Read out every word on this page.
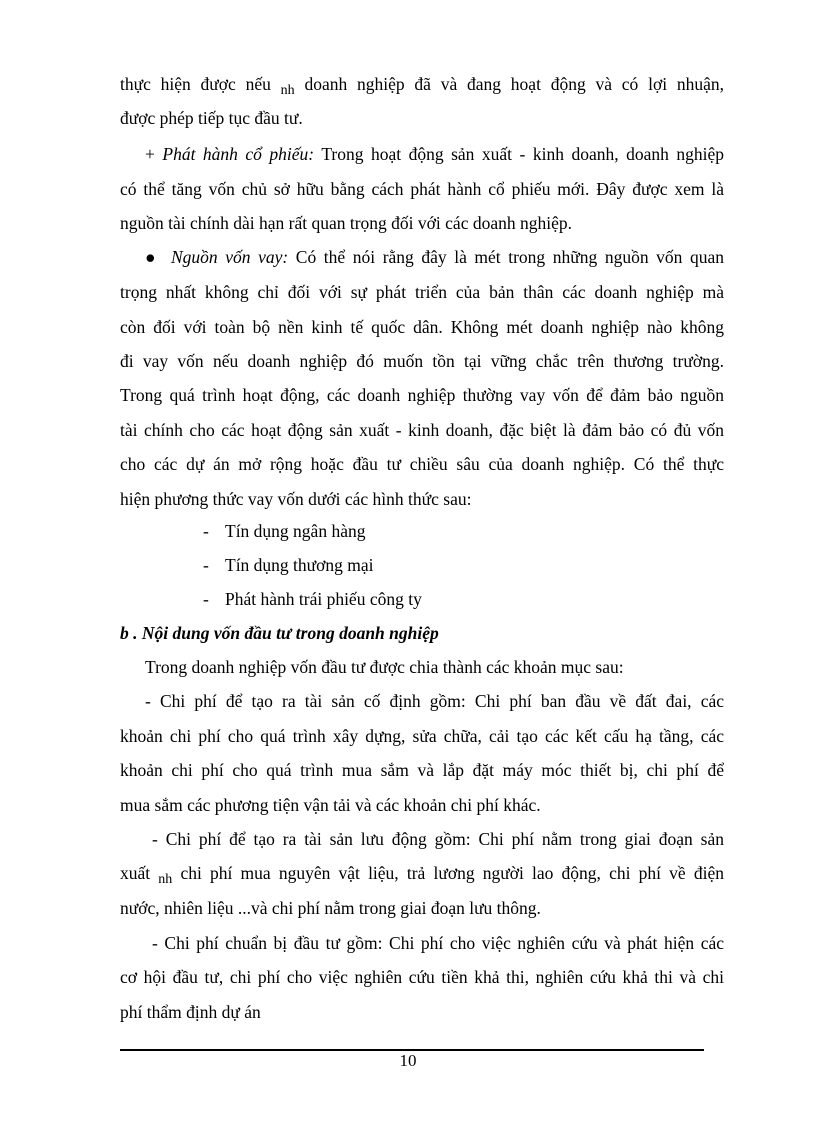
thực hiện được nếu $_{nh}$ doanh nghiệp đã và đang hoạt động và có lợi nhuận,
được phép tiếp tục đầu tư.
+ Phát hành cổ phiếu: Trong hoạt động sản xuất - kinh doanh, doanh nghiệp
có thể tăng vốn chủ sở hữu bằng cách phát hành cổ phiếu mới. Đây được xem là
nguồn tài chính dài hạn rất quan trọng đối với các doanh nghiệp.
● Nguồn vốn vay: Có thể nói rằng đây là mét trong những nguồn vốn quan
trọng nhất không chỉ đối với sự phát triển của bản thân các doanh nghiệp mà
còn đối với toàn bộ nền kinh tế quốc dân. Không mét doanh nghiệp nào không
đi vay vốn nếu doanh nghiệp đó muốn tồn tại vững chắc trên thương trường.
Trong quá trình hoạt động, các doanh nghiệp thường vay vốn để đảm bảo nguồn
tài chính cho các hoạt động sản xuất - kinh doanh, đặc biệt là đảm bảo có đủ vốn
cho các dự án mở rộng hoặc đầu tư chiều sâu của doanh nghiệp. Có thể thực
hiện phương thức vay vốn dưới các hình thức sau:
- Tín dụng ngân hàng
- Tín dụng thương mại
- Phát hành trái phiếu công ty
b . Nội dung vốn đầu tư trong doanh nghiệp
Trong doanh nghiệp vốn đầu tư được chia thành các khoản mục sau:
- Chi phí để tạo ra tài sản cố định gồm: Chi phí ban đầu về đất đai, các
khoản chi phí cho quá trình xây dựng, sửa chữa, cải tạo các kết cấu hạ tầng, các
khoản chi phí cho quá trình mua sắm và lắp đặt máy móc thiết bị, chi phí để
mua sắm các phương tiện vận tải và các khoản chi phí khác.
- Chi phí để tạo ra tài sản lưu động gồm: Chi phí nằm trong giai đoạn sản
xuất $_{nh}$ chi phí mua nguyên vật liệu, trả lương người lao động, chi phí về điện
nước, nhiên liệu ...và chi phí nằm trong giai đoạn lưu thông.
- Chi phí chuẩn bị đầu tư gồm: Chi phí cho việc nghiên cứu và phát hiện các
cơ hội đầu tư, chi phí cho việc nghiên cứu tiền khả thi, nghiên cứu khả thi và chi
phí thẩm định dự án
10
